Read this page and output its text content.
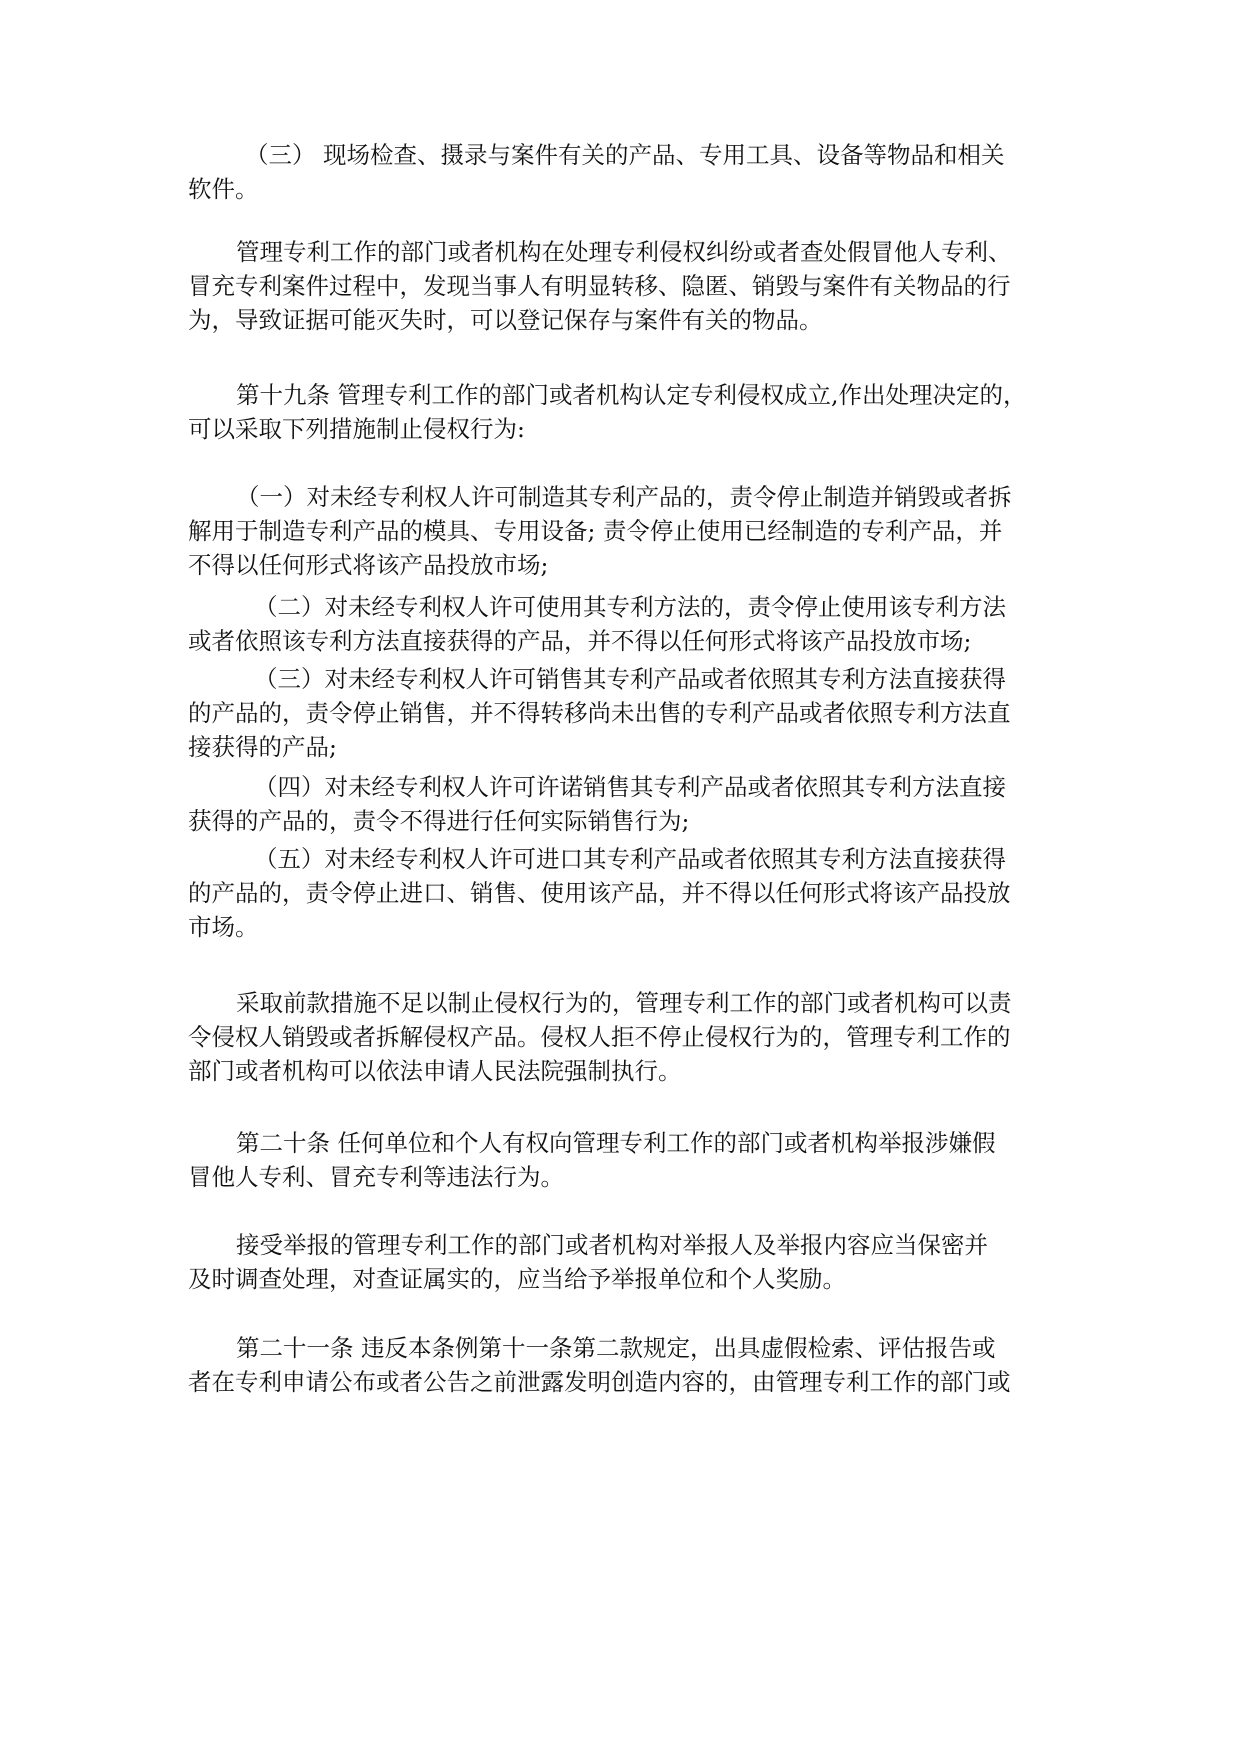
（三） 现场检查、摄录与案件有关的产品、专用工具、设备等物品和相关
软件。

管理专利工作的部门或者机构在处理专利侵权纠纷或者查处假冒他人专利、
冒充专利案件过程中，发现当事人有明显转移、隐匿、销毁与案件有关物品的行
为，导致证据可能灭失时，可以登记保存与案件有关的物品。

第十九条 管理专利工作的部门或者机构认定专利侵权成立,作出处理决定的，
可以采取下列措施制止侵权行为:

（一）对未经专利权人许可制造其专利产品的，责令停止制造并销毁或者拆
解用于制造专利产品的模具、专用设备; 责令停止使用已经制造的专利产品，并
不得以任何形式将该产品投放市场;

（二）对未经专利权人许可使用其专利方法的，责令停止使用该专利方法
或者依照该专利方法直接获得的产品，并不得以任何形式将该产品投放市场;

（三）对未经专利权人许可销售其专利产品或者依照其专利方法直接获得
的产品的，责令停止销售，并不得转移尚未出售的专利产品或者依照专利方法直
接获得的产品;

（四）对未经专利权人许可许诺销售其专利产品或者依照其专利方法直接
获得的产品的，责令不得进行任何实际销售行为;

（五）对未经专利权人许可进口其专利产品或者依照其专利方法直接获得
的产品的，责令停止进口、销售、使用该产品，并不得以任何形式将该产品投放
市场。

采取前款措施不足以制止侵权行为的，管理专利工作的部门或者机构可以责
令侵权人销毁或者拆解侵权产品。侵权人拒不停止侵权行为的，管理专利工作的
部门或者机构可以依法申请人民法院强制执行。

第二十条 任何单位和个人有权向管理专利工作的部门或者机构举报涉嫌假
冒他人专利、冒充专利等违法行为。

接受举报的管理专利工作的部门或者机构对举报人及举报内容应当保密并
及时调查处理，对查证属实的，应当给予举报单位和个人奖励。

第二十一条 违反本条例第十一条第二款规定，出具虚假检索、评估报告或
者在专利申请公布或者公告之前泄露发明创造内容的，由管理专利工作的部门或
